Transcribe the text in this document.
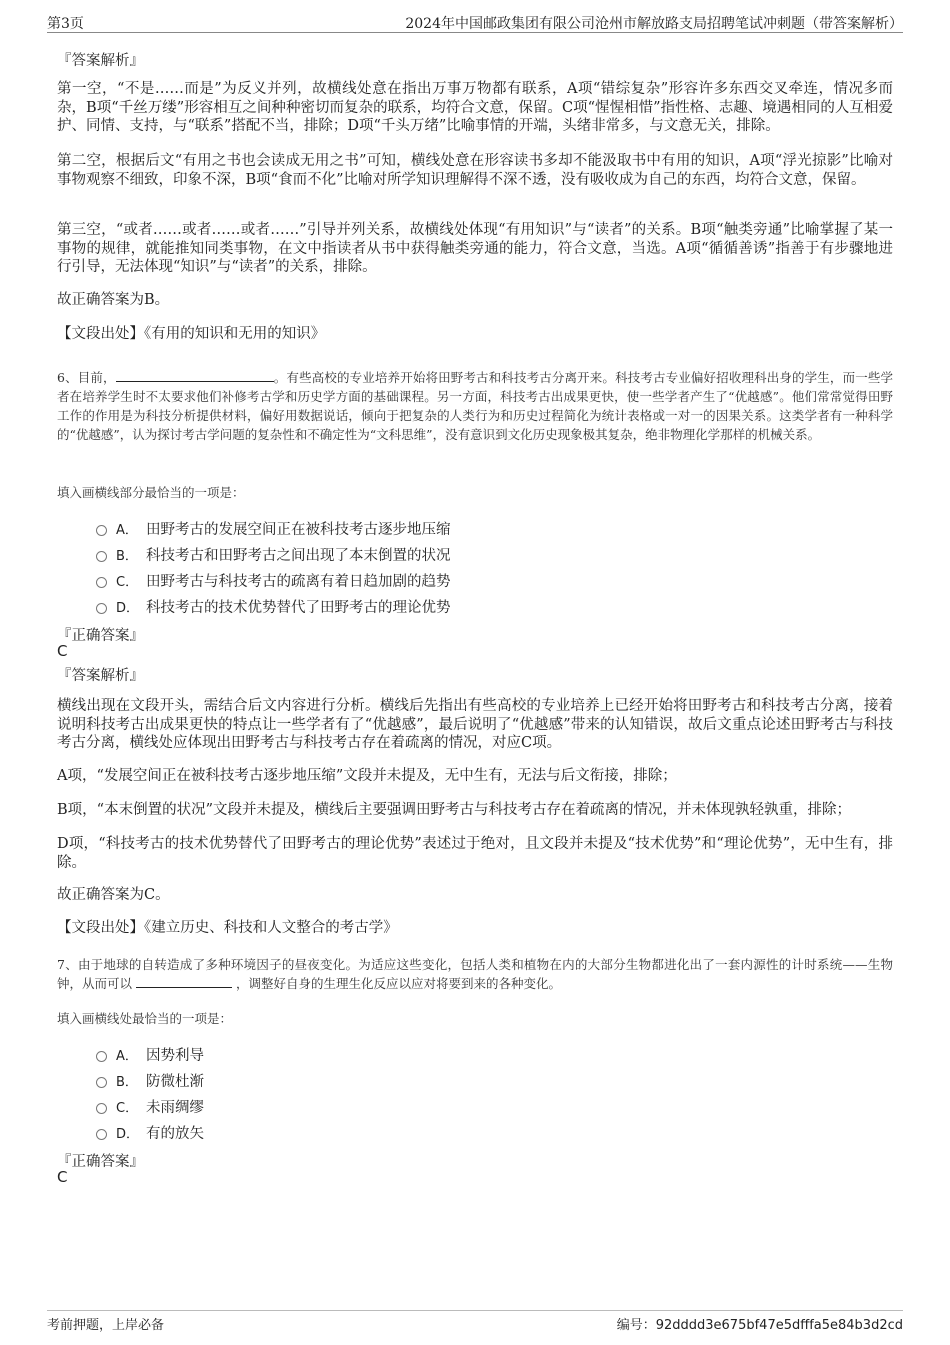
第3页	2024年中国邮政集团有限公司沧州市解放路支局招聘笔试冲刺题（带答案解析）
『答案解析』
第一空，“不是……而是”为反义并列，故横线处意在指出万事万物都有联系，A项“错综复杂”形容许多东西交叉牵连，情况多而杂，B项“千丝万缕”形容相互之间种种密切而复杂的联系，均符合文意，保留。C项“惺惺相惜”指性格、志趣、境遇相同的人互相爱护、同情、支持，与“联系”搭配不当，排除；D项“千头万绪”比喻事情的开端，头绪非常多，与文意无关，排除。
第二空，根据后文“有用之书也会读成无用之书”可知，横线处意在形容读书多却不能汲取书中有用的知识，A项“浮光掠影”比喻对事物观察不细致，印象不深，B项“食而不化”比喻对所学知识理解得不深不透，没有吸收成为自己的东西，均符合文意，保留。
第三空，“或者……或者……或者……”引导并列关系，故横线处体现“有用知识”与“读者”的关系。B项“触类旁通”比喻掌握了某一事物的规律，就能推知同类事物，在文中指读者从书中获得触类旁通的能力，符合文意，当选。A项“循循善诱”指善于有步骤地进行引导，无法体现“知识”与“读者”的关系，排除。
故正确答案为B。
【文段出处】《有用的知识和无用的知识》
6、目前，	。有些高校的专业培养开始将田野考古和科技考古分离开来。科技考古专业偏好招收理科出身的学生，而一些学者在培养学生时不太要求他们补修考古学和历史学方面的基础课程。另一方面，科技考古出成果更快，使一些学者产生了“优越感”。他们常常觉得田野工作的作用是为科技分析提供材料，偏好用数据说话，倾向于把复杂的人类行为和历史过程简化为统计表格或一对一的因果关系。这类学者有一种科学的“优越感”，认为探讨考古学问题的复杂性和不确定性为“文科思维”，没有意识到文化历史现象极其复杂，绝非物理化学那样的机械关系。
填入画横线部分最恰当的一项是：
A． 田野考古的发展空间正在被科技考古逐步地压缩
B． 科技考古和田野考古之间出现了本末倒置的状况
C． 田野考古与科技考古的疏离有着日趋加剧的趋势
D． 科技考古的技术优势替代了田野考古的理论优势
『正确答案』
C
『答案解析』
横线出现在文段开头，需结合后文内容进行分析。横线后先指出有些高校的专业培养上已经开始将田野考古和科技考古分离，接着说明科技考古出成果更快的特点让一些学者有了“优越感”，最后说明了“优越感”带来的认知错误，故后文重点论述田野考古与科技考古分离，横线处应体现出田野考古与科技考古存在着疏离的情况，对应C项。
A项，“发展空间正在被科技考古逐步地压缩”文段并未提及，无中生有，无法与后文衔接，排除；
B项，“本末倒置的状况”文段并未提及，横线后主要强调田野考古与科技考古存在着疏离的情况，并未体现孰轻孰重，排除；
D项，“科技考古的技术优势替代了田野考古的理论优势”表述过于绝对，且文段并未提及“技术优势”和“理论优势”，无中生有，排除。
故正确答案为C。
【文段出处】《建立历史、科技和人文整合的考古学》
7、由于地球的自转造成了多种环境因子的昼夜变化。为适应这些变化，包括人类和植物在内的大部分生物都进化出了一套内源性的计时系统——生物钟，从而可以	，调整好自身的生理生化反应以应对将要到来的各种变化。
填入画横线处最恰当的一项是：
A． 因势利导
B． 防微杜渐
C． 未雨绸缪
D． 有的放矢
『正确答案』
C
考前押题，上岸必备	编号：92dddd3e675bf47e5dfffa5e84b3d2cd
